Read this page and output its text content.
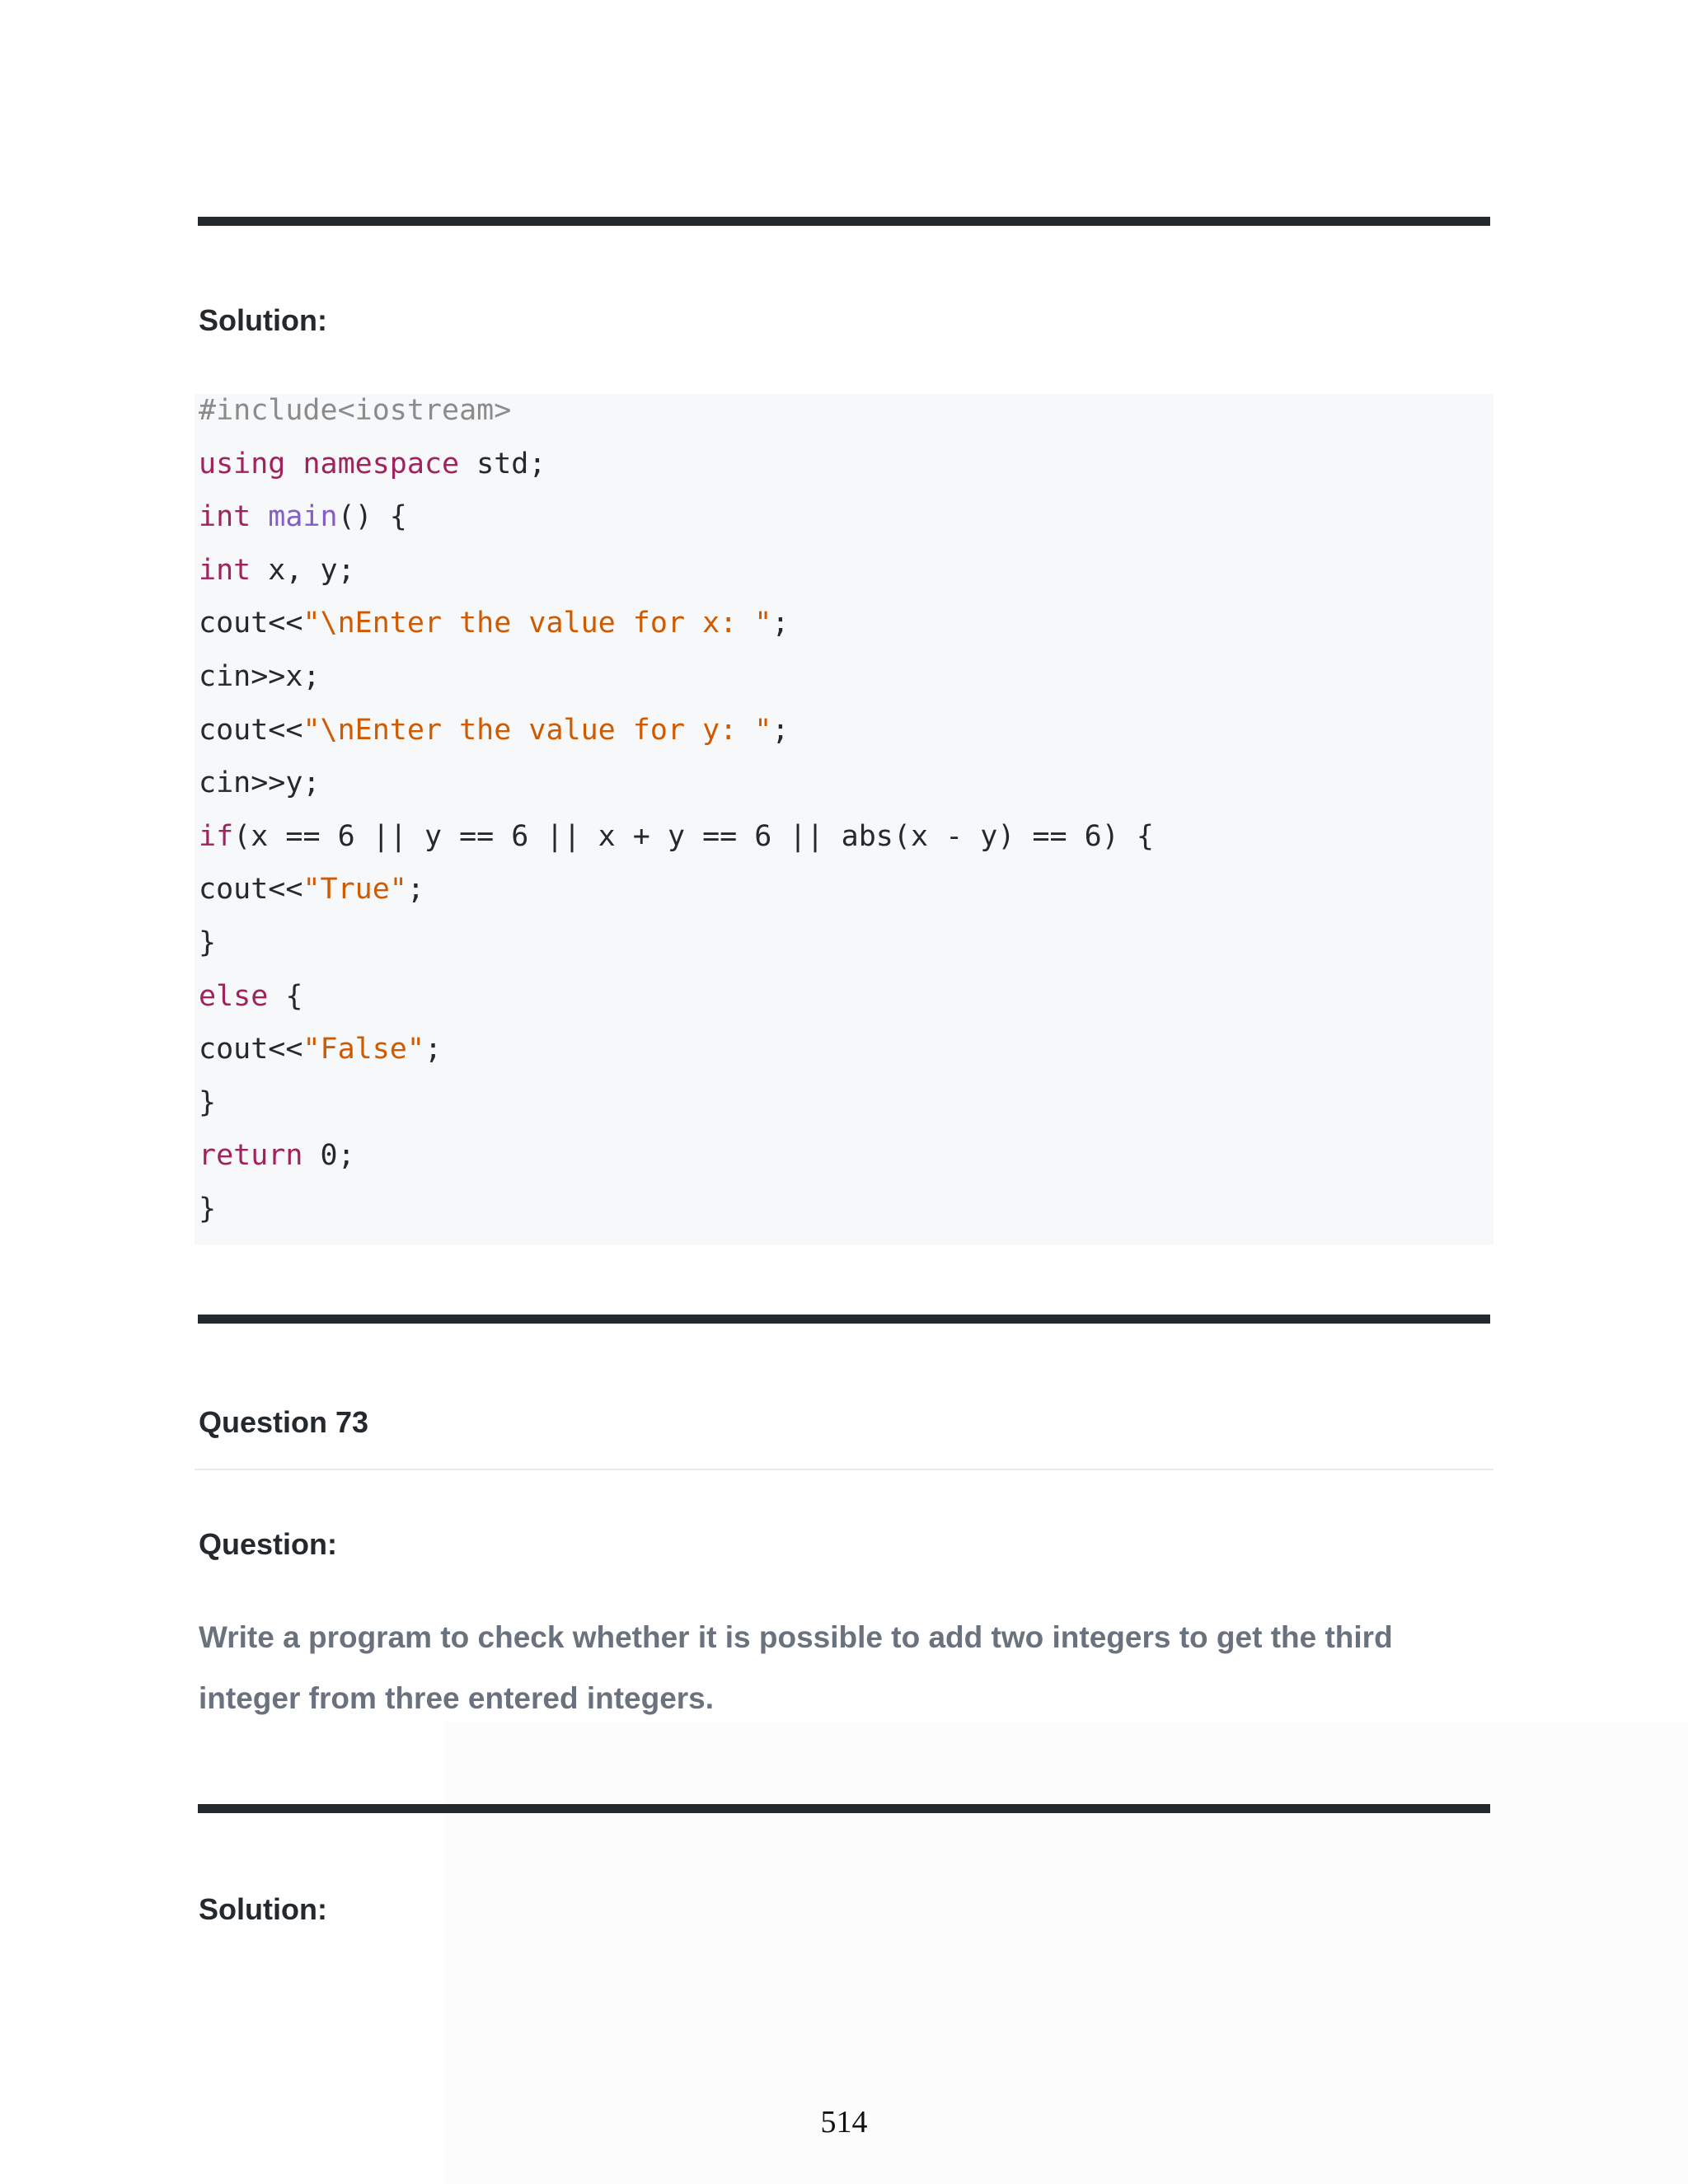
Solution:
#include<iostream>
using namespace std;
int main() {
int x, y;
cout<<"\nEnter the value for x: ";
cin>>x;
cout<<"\nEnter the value for y: ";
cin>>y;
if(x == 6 || y == 6 || x + y == 6 || abs(x - y) == 6) {
cout<<"True";
}
else {
cout<<"False";
}
return 0;
}
Question 73
Question:
Write a program to check whether it is possible to add two integers to get the third integer from three entered integers.
Solution:
514
